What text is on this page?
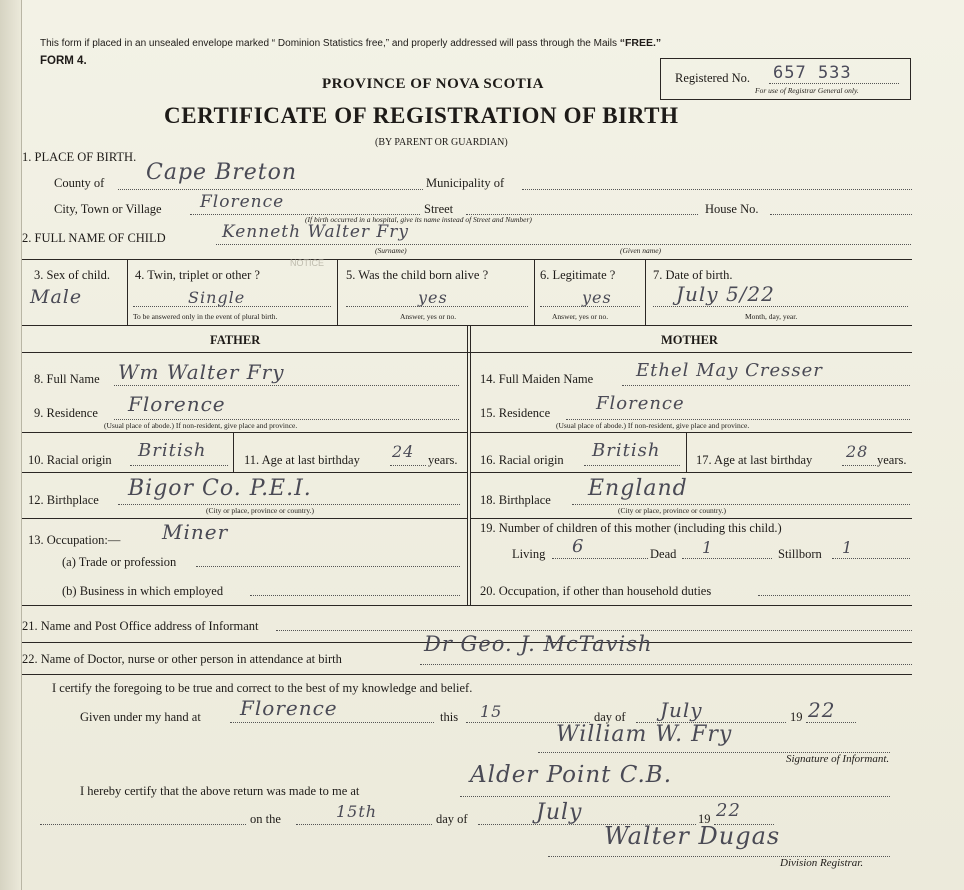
This form if placed in an unsealed envelope marked “ Dominion Statistics free,” and properly addressed will pass through the Mails “FREE.”
FORM 4.
PROVINCE OF NOVA SCOTIA
CERTIFICATE OF REGISTRATION OF BIRTH
(BY PARENT OR GUARDIAN)
Registered No. 657 533
For use of Registrar General only.
1. PLACE OF BIRTH.
County of Cape Breton	Municipality of
City, Town or Village Florence	Street	House No.
(If birth occurred in a hospital, give its name instead of Street and Number)
2. FULL NAME OF CHILD	Kenneth Walter Fry
(Surname)	(Given name)
NOTICE
3. Sex of child.
Male
4. Twin, triplet or other ?
Single
To be answered only in the event of plural birth.
5. Was the child born alive ?
yes
Answer, yes or no.
6. Legitimate ?
yes
Answer, yes or no.
7. Date of birth.
July 5/22
Month, day, year.
FATHER	MOTHER
8. Full Name Wm Walter Fry
9. Residence Florence
(Usual place of abode.) If non-resident, give place and province.
10. Racial origin British	11. Age at last birthday 24 years.
12. Birthplace Bigor Co. P.E.I.
(City or place, province or country.)
13. Occupation:— Miner
(a) Trade or profession
(b) Business in which employed
14. Full Maiden Name Ethel May Cresser
15. Residence	Florence
(Usual place of abode.) If non-resident, give place and province.
16. Racial origin British	17. Age at last birthday 28 years.
18. Birthplace England
(City or place, province or country.)
19. Number of children of this mother (including this child.)
Living 6	Dead 1	Stillborn 1
20. Occupation, if other than household duties
21. Name and Post Office address of Informant
22. Name of Doctor, nurse or other person in attendance at birth
Dr Geo. J. McTavish
I certify the foregoing to be true and correct to the best of my knowledge and belief.
Given under my hand at Florence	this 15	day of July	19 22
William W. Fry
Signature of Informant.
I hereby certify that the above return was made to me at
Alder Point C.B.
on the	15th	day of	July	19 22
Walter Dugas
Division Registrar.
